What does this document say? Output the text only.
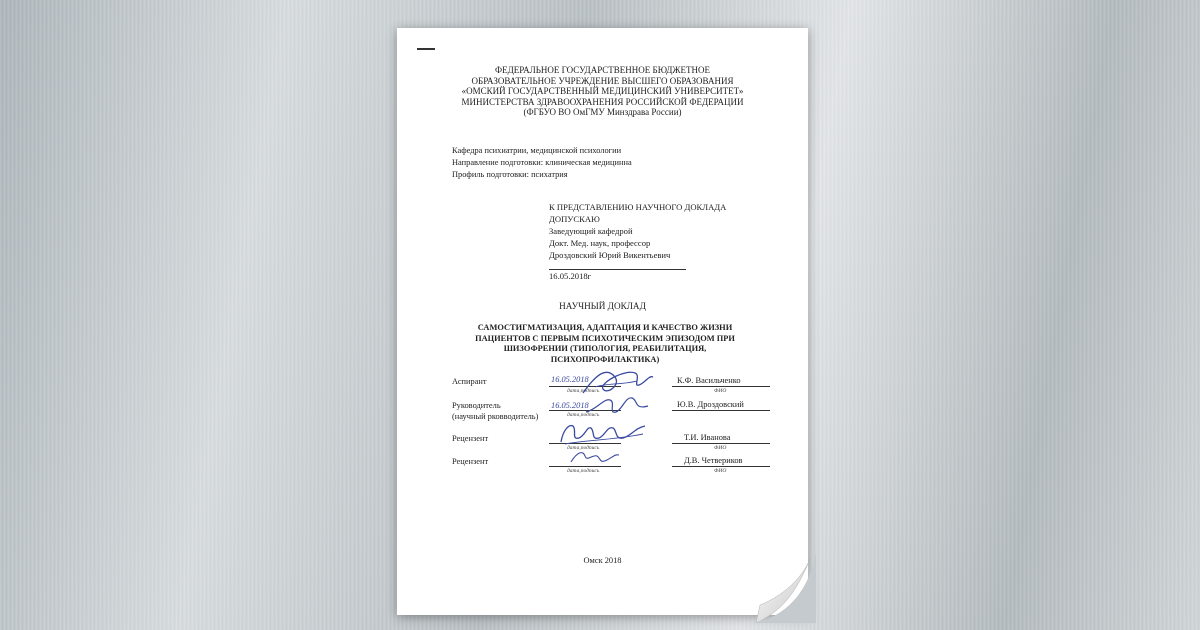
ФЕДЕРАЛЬНОЕ ГОСУДАРСТВЕННОЕ БЮДЖЕТНОЕ
ОБРАЗОВАТЕЛЬНОЕ УЧРЕЖДЕНИЕ ВЫСШЕГО ОБРАЗОВАНИЯ
«ОМСКИЙ ГОСУДАРСТВЕННЫЙ МЕДИЦИНСКИЙ УНИВЕРСИТЕТ»
МИНИСТЕРСТВА ЗДРАВООХРАНЕНИЯ РОССИЙСКОЙ ФЕДЕРАЦИИ
(ФГБУО ВО ОмГМУ Минздрава России)
Кафедра психиатрии, медицинской психологии
Направление подготовки: клиническая медицинна
Профиль подготовки: психатрия
К ПРЕДСТАВЛЕНИЮ НАУЧНОГО ДОКЛАДА
ДОПУСКАЮ
Заведующий кафедрой
Докт. Мед. наук, профессор
Дроздовский Юрий Викентьевич
16.05.2018г
НАУЧНЫЙ ДОКЛАД
САМОСТИГМАТИЗАЦИЯ, АДАПТАЦИЯ И КАЧЕСТВО ЖИЗНИ
ПАЦИЕНТОВ С ПЕРВЫМ ПСИХОТИЧЕСКИМ ЭПИЗОДОМ ПРИ
ШИЗОФРЕНИИ (ТИПОЛОГИЯ, РЕАБИЛИТАЦИЯ,
ПСИХОПРОФИЛАКТИКА)
Аспирант	16.05.2018
дата,подпись
К.Ф. Васильченко
ФИО
Руководитель
(научный рковводитель)
16.05.2018
дата,подпись
Ю.В. Дроздовский
Рецензент
дата,подпись
Т.И. Иванова
ФИО
Рецензент
дата,подпись
Д.В. Четвериков
ФИО
Омск 2018
